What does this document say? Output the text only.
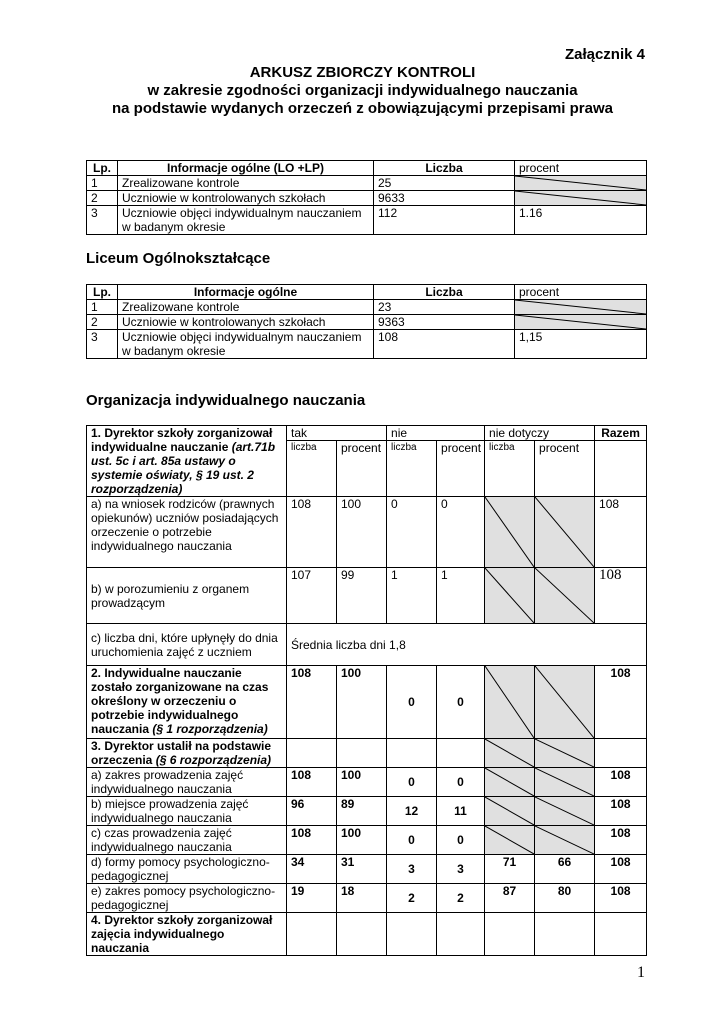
Załącznik 4
ARKUSZ ZBIORCZY KONTROLI
w zakresie zgodności organizacji indywidualnego nauczania
na podstawie wydanych orzeczeń z obowiązującymi przepisami prawa
Lp.	Informacje ogólne (LO +LP)	Liczba	procent
1	Zrealizowane kontrole	25	

2	Uczniowie w kontrolowanych szkołach	9633	

3	Uczniowie objęci indywidualnym nauczaniem w badanym okresie	112	1.16
Liceum Ogólnokształcące
Lp.	Informacje ogólne	Liczba	procent
1	Zrealizowane kontrole	23	

2	Uczniowie w kontrolowanych szkołach	9363	

3	Uczniowie objęci indywidualnym nauczaniem w badanym okresie	108	1,15
Organizacja indywidualnego nauczania
1. Dyrektor szkoły zorganizował indywidualne nauczanie (art.71b ust. 5c i art. 85a ustawy o systemie oświaty, § 19 ust. 2 rozporządzenia)	tak		nie		nie dotyczy		Razem
	liczba	procent	liczba	procent	liczba	procent	
a) na wniosek rodziców (prawnych opiekunów) uczniów posiadających orzeczenie o potrzebie indywidualnego nauczania	108	100	0	0			108
b) w porozumieniu z organem prowadzącym	107	99	1	1			108
c) liczba dni, które upłynęły do dnia uruchomienia zajęć z uczniem	Średnia liczba dni 1,8						
2. Indywidualne nauczanie zostało zorganizowane na czas określony w orzeczeniu o potrzebie indywidualnego nauczania (§ 1 rozporządzenia)	108	100	0	0			108
3. Dyrektor ustalił na podstawie orzeczenia (§ 6 rozporządzenia)					

a) zakres prowadzenia zajęć indywidualnego nauczania	108	100	0	0			108
b) miejsce prowadzenia zajęć indywidualnego nauczania	96	89	12	11			108
c) czas prowadzenia zajęć indywidualnego nauczania	108	100	0	0			108
d) formy pomocy psychologiczno-pedagogicznej	34	31	3	3	71	66	108
e) zakres pomocy psychologiczno-pedagogicznej	19	18	2	2	87	80	108
4. Dyrektor szkoły zorganizował zajęcia indywidualnego nauczania							
1
